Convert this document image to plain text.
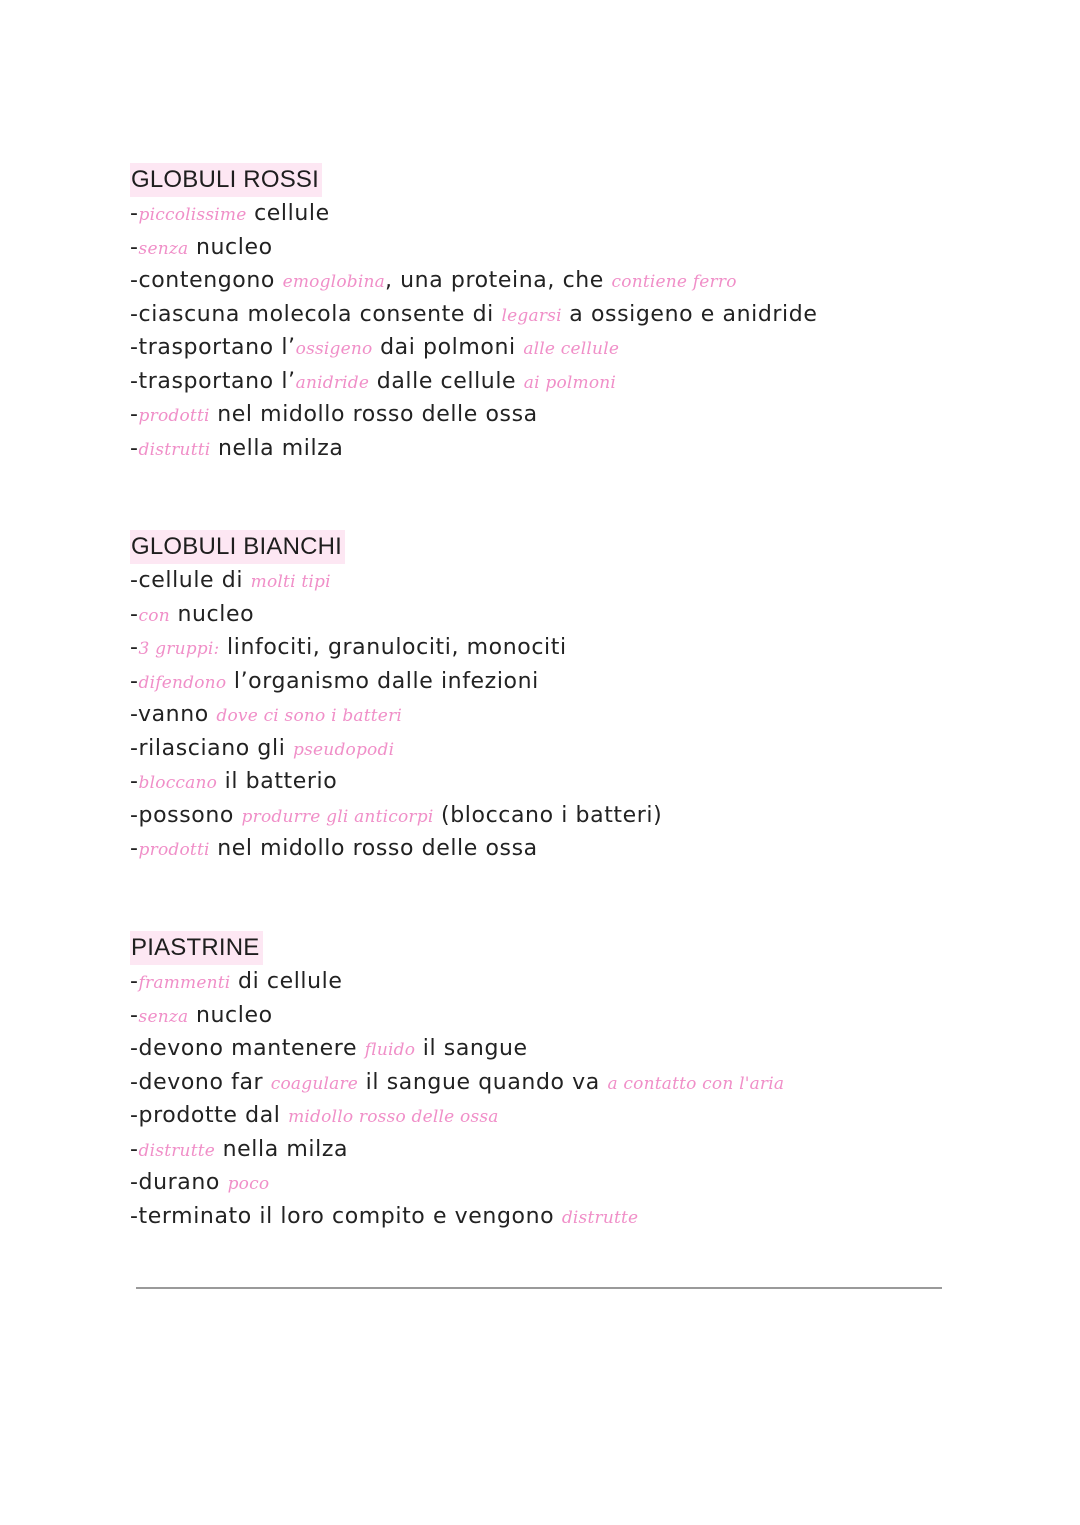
GLOBULI ROSSI
-piccolissime cellule
-senza nucleo
-contengono emoglobina, una proteina, che contiene ferro
-ciascuna molecola consente di legarsi a ossigeno e anidride
-trasportano l’ossigeno dai polmoni alle cellule
-trasportano l’anidride dalle cellule ai polmoni
-prodotti nel midollo rosso delle ossa
-distrutti nella milza
GLOBULI BIANCHI
-cellule di molti tipi
-con nucleo
-3 gruppi: linfociti, granulociti, monociti
-difendono l’organismo dalle infezioni
-vanno dove ci sono i batteri
-rilasciano gli pseudopodi
-bloccano il batterio
-possono produrre gli anticorpi (bloccano i batteri)
-prodotti nel midollo rosso delle ossa
PIASTRINE
-frammenti di cellule
-senza nucleo
-devono mantenere fluido il sangue
-devono far coagulare il sangue quando va a contatto con l'aria
-prodotte dal midollo rosso delle ossa
-distrutte nella milza
-durano poco
-terminato il loro compito e vengono distrutte
